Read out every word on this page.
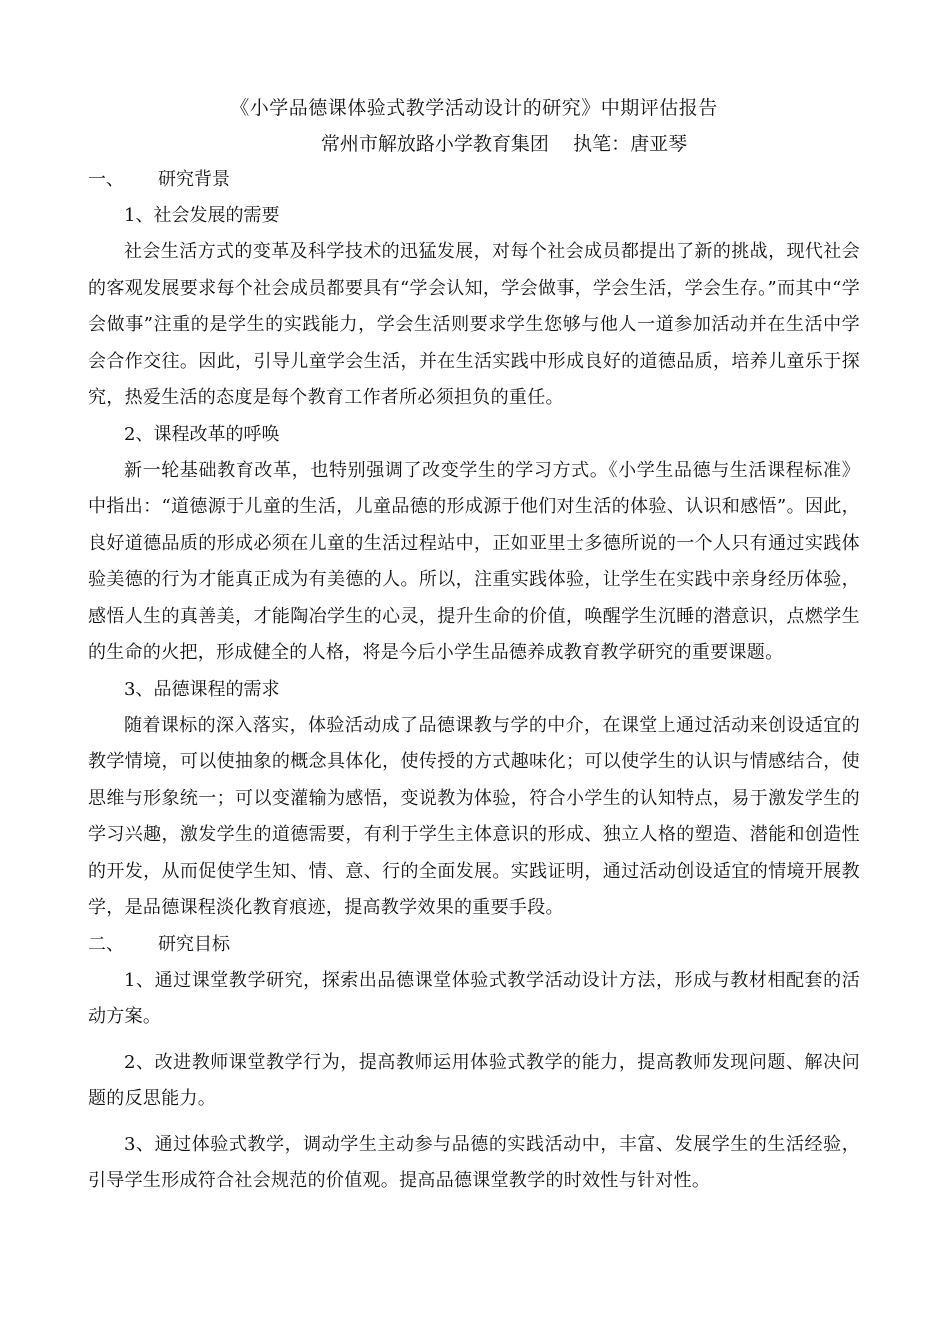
《小学品德课体验式教学活动设计的研究》中期评估报告

常州市解放路小学教育集团    执笔：唐亚琴

一、	研究背景

1、社会发展的需要

社会生活方式的变革及科学技术的迅猛发展，对每个社会成员都提出了新的挑战，现代社会的客观发展要求每个社会成员都要具有“学会认知，学会做事，学会生活，学会生存。”而其中“学会做事”注重的是学生的实践能力，学会生活则要求学生您够与他人一道参加活动并在生活中学会合作交往。因此，引导儿童学会生活，并在生活实践中形成良好的道德品质，培养儿童乐于探究，热爱生活的态度是每个教育工作者所必须担负的重任。

2、课程改革的呼唤

新一轮基础教育改革，也特别强调了改变学生的学习方式。《小学生品德与生活课程标准》中指出：“道德源于儿童的生活，儿童品德的形成源于他们对生活的体验、认识和感悟”。因此，良好道德品质的形成必须在儿童的生活过程站中，正如亚里士多德所说的一个人只有通过实践体验美德的行为才能真正成为有美德的人。所以，注重实践体验，让学生在实践中亲身经历体验，感悟人生的真善美，才能陶冶学生的心灵，提升生命的价值，唤醒学生沉睡的潜意识，点燃学生的生命的火把，形成健全的人格，将是今后小学生品德养成教育教学研究的重要课题。

3、品德课程的需求

随着课标的深入落实，体验活动成了品德课教与学的中介，在课堂上通过活动来创设适宜的教学情境，可以使抽象的概念具体化，使传授的方式趣味化；可以使学生的认识与情感结合，使思维与形象统一；可以变灌输为感悟，变说教为体验，符合小学生的认知特点，易于激发学生的学习兴趣，激发学生的道德需要，有利于学生主体意识的形成、独立人格的塑造、潜能和创造性的开发，从而促使学生知、情、意、行的全面发展。实践证明，通过活动创设适宜的情境开展教学，是品德课程淡化教育痕迹，提高教学效果的重要手段。

二、	研究目标

1、通过课堂教学研究，探索出品德课堂体验式教学活动设计方法，形成与教材相配套的活动方案。

2、改进教师课堂教学行为，提高教师运用体验式教学的能力，提高教师发现问题、解决问题的反思能力。

3、通过体验式教学，调动学生主动参与品德的实践活动中，丰富、发展学生的生活经验，引导学生形成符合社会规范的价值观。提高品德课堂教学的时效性与针对性。
